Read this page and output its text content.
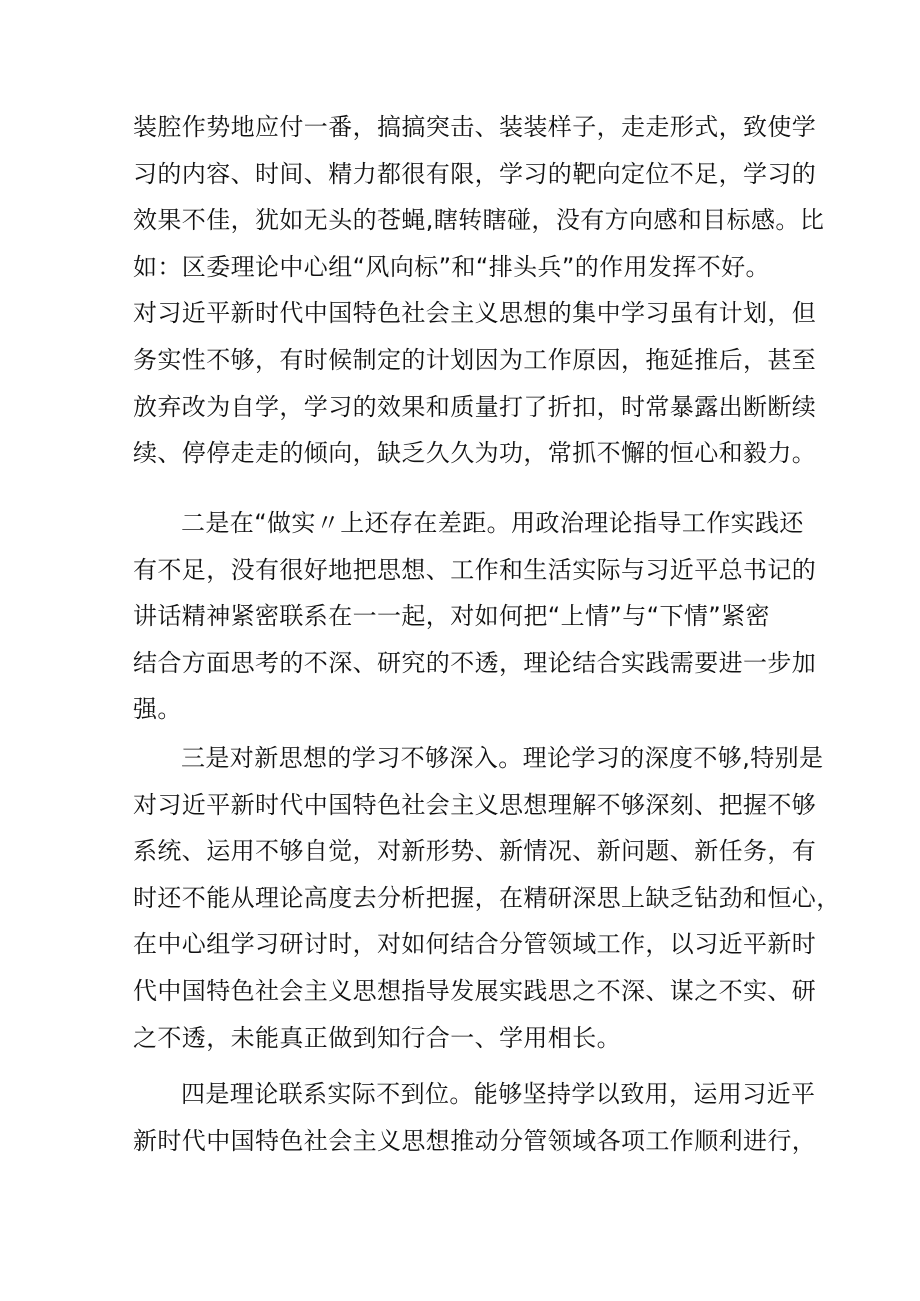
装腔作势地应付一番，搞搞突击、装装样子，走走形式，致使学
习的内容、时间、精力都很有限，学习的靶向定位不足，学习的
效果不佳，犹如无头的苍蝇,瞎转瞎碰，没有方向感和目标感。比
如：区委理论中心组“风向标”和“排头兵”的作用发挥不好。
对习近平新时代中国特色社会主义思想的集中学习虽有计划，但
务实性不够，有时候制定的计划因为工作原因，拖延推后，甚至
放弃改为自学，学习的效果和质量打了折扣，时常暴露出断断续
续、停停走走的倾向，缺乏久久为功，常抓不懈的恒心和毅力。
二是在“做实〃上还存在差距。用政治理论指导工作实践还
有不足，没有很好地把思想、工作和生活实际与习近平总书记的
讲话精神紧密联系在一一起，对如何把“上情”与“下情”紧密
结合方面思考的不深、研究的不透，理论结合实践需要进一步加
强。
三是对新思想的学习不够深入。理论学习的深度不够,特别是
对习近平新时代中国特色社会主义思想理解不够深刻、把握不够
系统、运用不够自觉，对新形势、新情况、新问题、新任务，有
时还不能从理论高度去分析把握，在精研深思上缺乏钻劲和恒心，
在中心组学习研讨时，对如何结合分管领域工作，以习近平新时
代中国特色社会主义思想指导发展实践思之不深、谋之不实、研
之不透，未能真正做到知行合一、学用相长。
四是理论联系实际不到位。能够坚持学以致用，运用习近平
新时代中国特色社会主义思想推动分管领域各项工作顺利进行，
